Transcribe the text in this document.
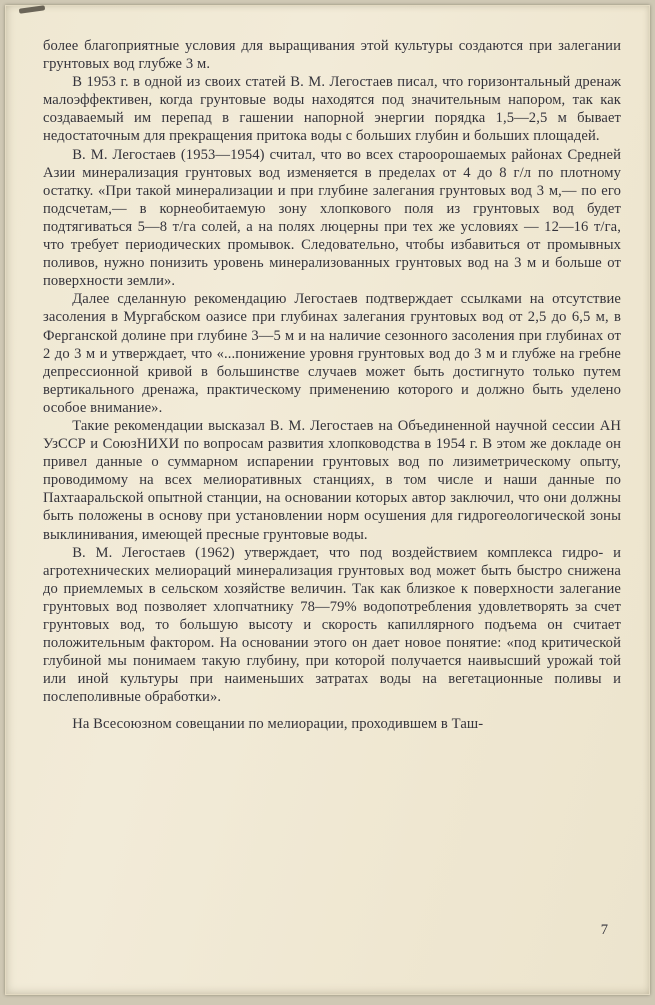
более благоприятные условия для выращивания этой культуры создаются при залегании грунтовых вод глубже 3 м.

В 1953 г. в одной из своих статей В. М. Легостаев писал, что горизонтальный дренаж малоэффективен, когда грунтовые воды находятся под значительным напором, так как создаваемый им перепад в гашении напорной энергии порядка 1,5—2,5 м бывает недостаточным для прекращения притока воды с больших глубин и больших площадей.

В. М. Легостаев (1953—1954) считал, что во всех староорошаемых районах Средней Азии минерализация грунтовых вод изменяется в пределах от 4 до 8 г/л по плотному остатку. «При такой минерализации и при глубине залегания грунтовых вод 3 м,— по его подсчетам,— в корнеобитаемую зону хлопкового поля из грунтовых вод будет подтягиваться 5—8 т/га солей, а на полях люцерны при тех же условиях — 12—16 т/га, что требует периодических промывок. Следовательно, чтобы избавиться от промывных поливов, нужно понизить уровень минерализованных грунтовых вод на 3 м и больше от поверхности земли».

Далее сделанную рекомендацию Легостаев подтверждает ссылками на отсутствие засоления в Мургабском оазисе при глубинах залегания грунтовых вод от 2,5 до 6,5 м, в Ферганской долине при глубине 3—5 м и на наличие сезонного засоления при глубинах от 2 до 3 м и утверждает, что «...понижение уровня грунтовых вод до 3 м и глубже на гребне депрессионной кривой в большинстве случаев может быть достигнуто только путем вертикального дренажа, практическому применению которого и должно быть уделено особое внимание».

Такие рекомендации высказал В. М. Легостаев на Объединенной научной сессии АН УзССР и СоюзНИХИ по вопросам развития хлопководства в 1954 г. В этом же докладе он привел данные о суммарном испарении грунтовых вод по лизиметрическому опыту, проводимому на всех мелиоративных станциях, в том числе и наши данные по Пахтааральской опытной станции, на основании которых автор заключил, что они должны быть положены в основу при установлении норм осушения для гидрогеологической зоны выклинивания, имеющей пресные грунтовые воды.

В. М. Легостаев (1962) утверждает, что под воздействием комплекса гидро- и агротехнических мелиораций минерализация грунтовых вод может быть быстро снижена до приемлемых в сельском хозяйстве величин. Так как близкое к поверхности залегание грунтовых вод позволяет хлопчатнику 78—79% водопотребления удовлетворять за счет грунтовых вод, то большую высоту и скорость капиллярного подъема он считает положительным фактором. На основании этого он дает новое понятие: «под критической глубиной мы понимаем такую глубину, при которой получается наивысший урожай той или иной культуры при наименьших затратах воды на вегетационные поливы и послеполивные обработки».

На Всесоюзном совещании по мелиорации, проходившем в Таш-

7
